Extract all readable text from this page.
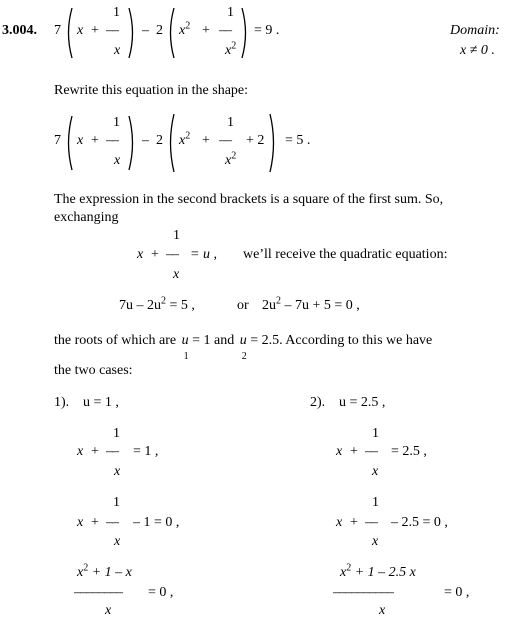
3.004. 7 x +
1
––
x
– 2 $x^2$ +
1
––
$x^2$
= 9 .	Domain:
x ≠ 0 .
Rewrite this equation in the shape:
7 x +
1
––
x
– 2 $x^2$ +
1
––
$x^2$
+ 2 = 5 .
The expression in the second brackets is a square of the first sum. So,
exchanging
x +
1
––
x
= u , we’ll receive the quadratic equation:
$7u - 2u^2 = 5$ ,	or $2u^2 - 7u + 5 = 0$ ,
the roots of which are u
1
= 1 and u
2
= 2.5. According to this we have
the two cases:
1). u = 1 ,
x +
1
––
x
= 1 ,
x +
1
––
x
– 1 = 0 ,
$x^2 + 1 - x$
––––––––
x
= 0 ,
2). u = 2.5 ,
x +
1
––
x
= 2.5 ,
x +
1
––
x
– 2.5 = 0 ,
$x^2 + 1 - 2.5$ x
––––––––––
x
= 0 ,
